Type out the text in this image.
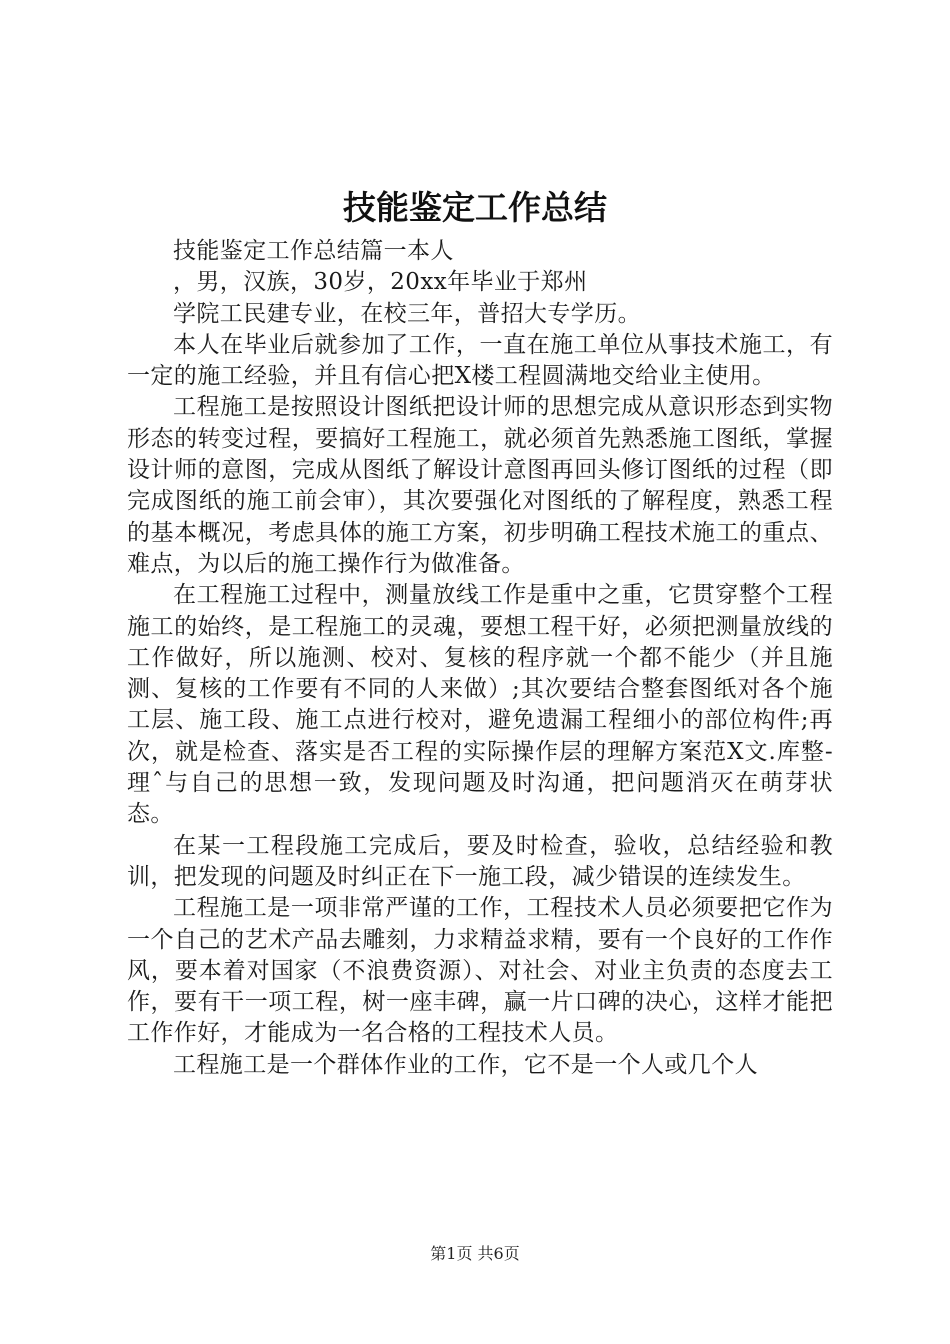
技能鉴定工作总结

技能鉴定工作总结篇一本人

，男，汉族，30岁，20xx年毕业于郑州

学院工民建专业，在校三年，普招大专学历。

本人在毕业后就参加了工作，一直在施工单位从事技术施工，有一定的施工经验，并且有信心把X楼工程圆满地交给业主使用。

工程施工是按照设计图纸把设计师的思想完成从意识形态到实物形态的转变过程，要搞好工程施工，就必须首先熟悉施工图纸，掌握设计师的意图，完成从图纸了解设计意图再回头修订图纸的过程（即完成图纸的施工前会审），其次要强化对图纸的了解程度，熟悉工程的基本概况，考虑具体的施工方案，初步明确工程技术施工的重点、难点，为以后的施工操作行为做准备。

在工程施工过程中，测量放线工作是重中之重，它贯穿整个工程施工的始终，是工程施工的灵魂，要想工程干好，必须把测量放线的工作做好，所以施测、校对、复核的程序就一个都不能少（并且施测、复核的工作要有不同的人来做）;其次要结合整套图纸对各个施工层、施工段、施工点进行校对，避免遗漏工程细小的部位构件;再次，就是检查、落实是否工程的实际操作层的理解方案范X文.库整-理ˆ与自己的思想一致，发现问题及时沟通，把问题消灭在萌芽状态。

在某一工程段施工完成后，要及时检查，验收，总结经验和教训，把发现的问题及时纠正在下一施工段，减少错误的连续发生。

工程施工是一项非常严谨的工作，工程技术人员必须要把它作为一个自己的艺术产品去雕刻，力求精益求精，要有一个良好的工作作风，要本着对国家（不浪费资源）、对社会、对业主负责的态度去工作，要有干一项工程，树一座丰碑，赢一片口碑的决心，这样才能把工作作好，才能成为一名合格的工程技术人员。

工程施工是一个群体作业的工作，它不是一个人或几个人

第1页 共6页
